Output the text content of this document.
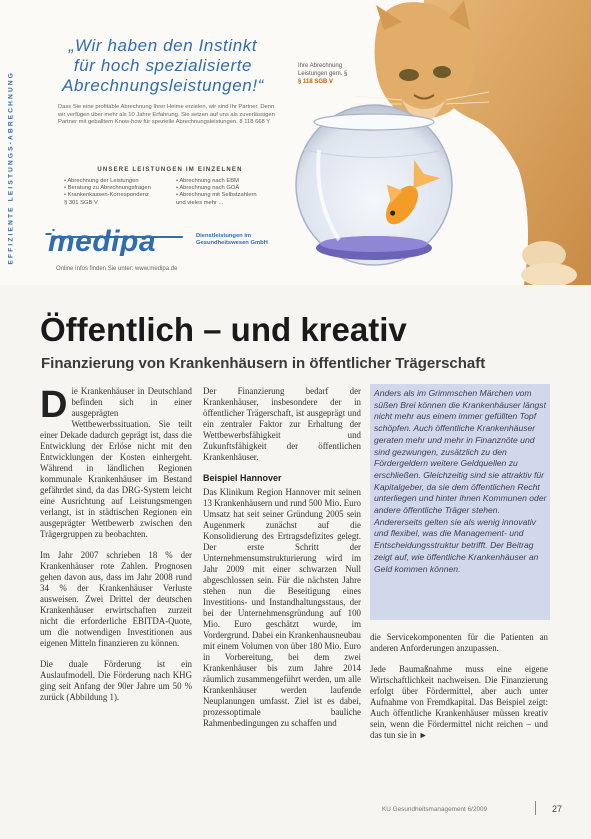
EFFIZIENTE LEISTUNGS-ABRECHNUNG
„Wir haben den Instinkt
für hoch spezialisierte
Abrechnungsleistungen!“
Dass Sie eine profitable Abrechnung Ihrer Heime erzielen, wir sind Ihr Partner. Denn wir verfügen über mehr als 10 Jahre Erfahrung. Sie setzen auf uns als zuverlässigen Partner mit geballtem Know-how für spezielle Abrechnungsleistungen. 8 118 668 Y
UNSERE LEISTUNGEN IM EINZELNEN
• Abrechnung der Leistungen
• Beratung zu Abrechnungsfragen
• Krankenkassen-Korrespondenz
§ 301 SGB V
• Abrechnung nach EBM
• Abrechnung nach GOÄ
• Abrechnung mit Selbstzahlern
und vieles mehr ...
medipa	Dienstleistungen im Gesundheitswesen GmbH
Online Infos finden Sie unter: www.medipa.de
Ihre Abrechnung
Leistungen gem. §
§ 118 SGB V
Öffentlich – und kreativ
Finanzierung von Krankenhäusern in öffentlicher Trägerschaft

Die Krankenhäuser in Deutschland befinden sich in einer ausgeprägten Wettbewerbssituation. Sie teilt einer Dekade dadurch geprägt ist, dass die Entwicklung der Erlöse nicht mit den Entwicklungen der Kosten einhergeht. Während in ländlichen Regionen kommunale Krankenhäuser im Bestand gefährdet sind, da das DRG-System leicht eine Ausrichtung auf Leistungsmengen verlangt, ist in städtischen Regionen ein ausgeprägter Wettbewerb zwischen den Trägergruppen zu beobachten.

Im Jahr 2007 schrieben 18 % der Krankenhäuser rote Zahlen. Prognosen gehen davon aus, dass im Jahr 2008 rund 34 % der Krankenhäuser Verluste ausweisen. Zwei Drittel der deutschen Krankenhäuser erwirtschaften zurzeit nicht die erforderliche EBITDA-Quote, um die notwendigen Investitionen aus eigenen Mitteln finanzieren zu können.

Die duale Förderung ist ein Auslaufmodell. Die Förderung nach KHG ging seit Anfang der 90er Jahre um 50 % zurück (Abbildung 1).

Der Finanzierung bedarf der Krankenhäuser, insbesondere der in öffentlicher Trägerschaft, ist ausgeprägt und ein zentraler Faktor zur Erhaltung der Wettbewerbsfähigkeit und Zukunftsfähigkeit der öffentlichen Krankenhäuser.

Beispiel Hannover

Das Klinikum Region Hannover mit seinen 13 Krankenhäusern und rund 500 Mio. Euro Umsatz hat seit seiner Gründung 2005 sein Augenmerk zunächst auf die Konsolidierung des Ertragsdefizites gelegt. Der erste Schritt der Unternehmensumstrukturierung wird im Jahr 2009 mit einer schwarzen Null abgeschlossen sein. Für die nächsten Jahre stehen nun die Beseitigung eines Investitions- und Instandhaltungsstaus, der bei der Unternehmensgründung auf 100 Mio. Euro geschätzt wurde, im Vordergrund. Dabei ein Krankenhausneubau mit einem Volumen von über 180 Mio. Euro in Vorbereitung, bei dem zwei Krankenhäuser bis zum Jahre 2014 räumlich zusammengeführt werden, um alle Krankenhäuser werden laufende Neuplanungen umfasst. Ziel ist es dabei, prozessoptimale bauliche Rahmenbedingungen zu schaffen und

Anders als im Grimmschen Märchen vom süßen Brei können die Krankenhäuser längst nicht mehr aus einem immer gefüllten Topf schöpfen. Auch öffentliche Krankenhäuser geraten mehr und mehr in Finanznöte und sind gezwungen, zusätzlich zu den Fördergeldern weitere Geldquellen zu erschließen. Gleichzeitig sind sie attraktiv für Kapitalgeber, da sie dem öffentlichen Recht unterliegen und hinter ihnen Kommunen oder andere öffentliche Träger stehen. Andererseits gelten sie als wenig innovativ und flexibel, was die Management- und Entscheidungsstruktur betrifft. Der Beitrag zeigt auf, wie öffentliche Krankenhäuser an Geld kommen können.

die Servicekomponenten für die Patienten an anderen Anforderungen anzupassen.

Jede Baumaßnahme muss eine eigene Wirtschaftlichkeit nachweisen. Die Finanzierung erfolgt über Fördermittel, aber auch unter Aufnahme von Fremdkapital. Das Beispiel zeigt: Auch öffentliche Krankenhäuser müssen kreativ sein, wenn die Fördermittel nicht reichen – und das tun sie in ►

KU Gesundheitsmanagement 6/2009	27
